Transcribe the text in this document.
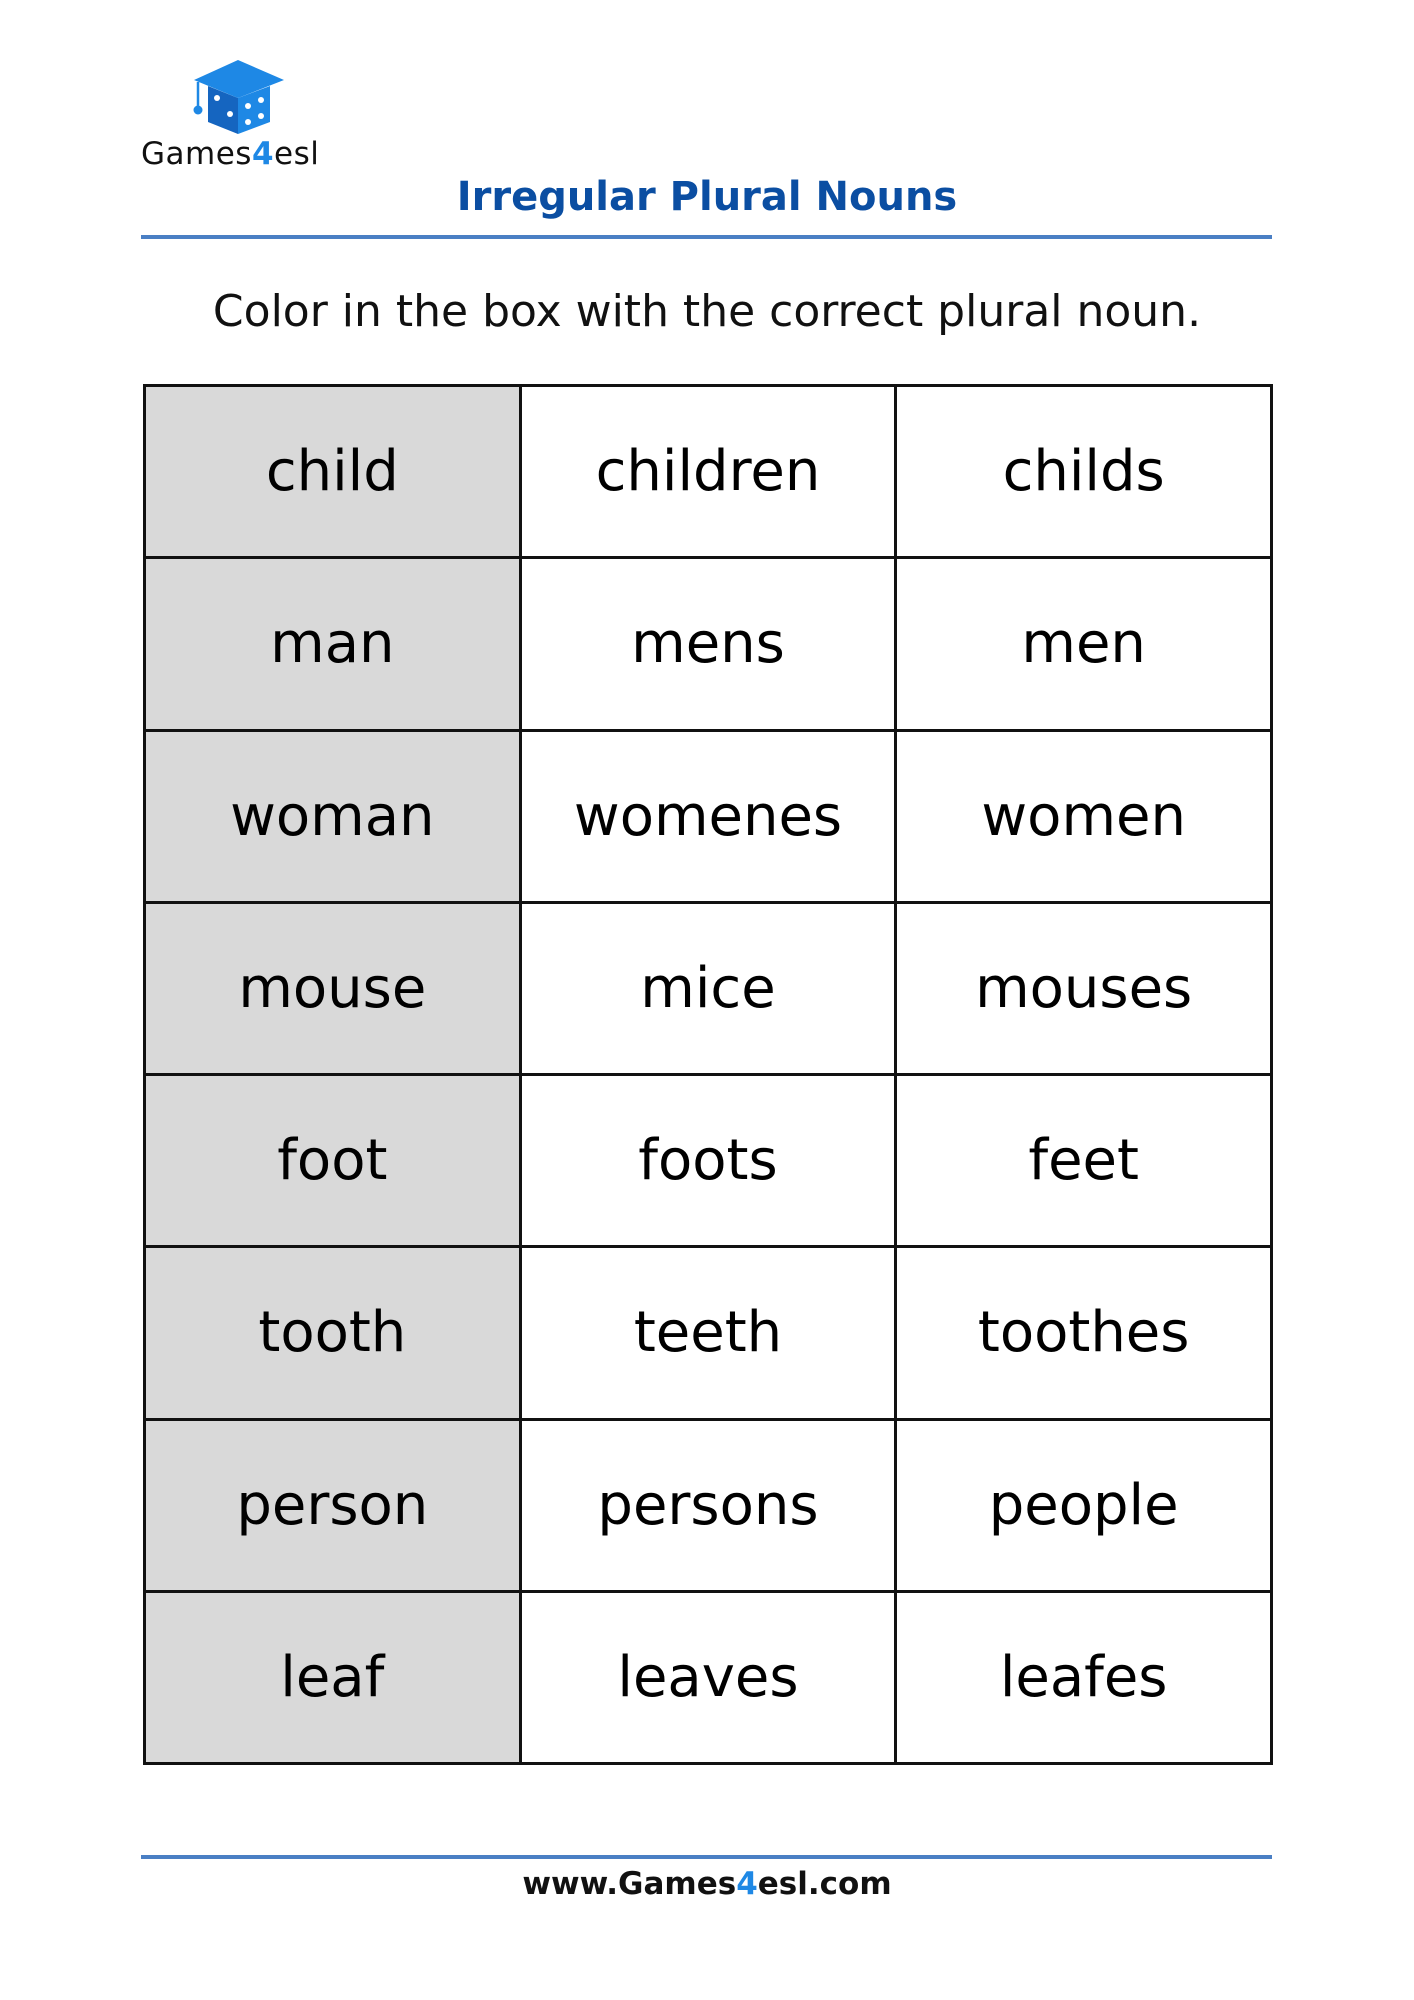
Games4esl
Irregular Plural Nouns
Color in the box with the correct plural noun.
child	children	childs
man	mens	men
woman	womenes	women
mouse	mice	mouses
foot	foots	feet
tooth	teeth	toothes
person	persons	people
leaf	leaves	leafes
www.Games4esl.com
